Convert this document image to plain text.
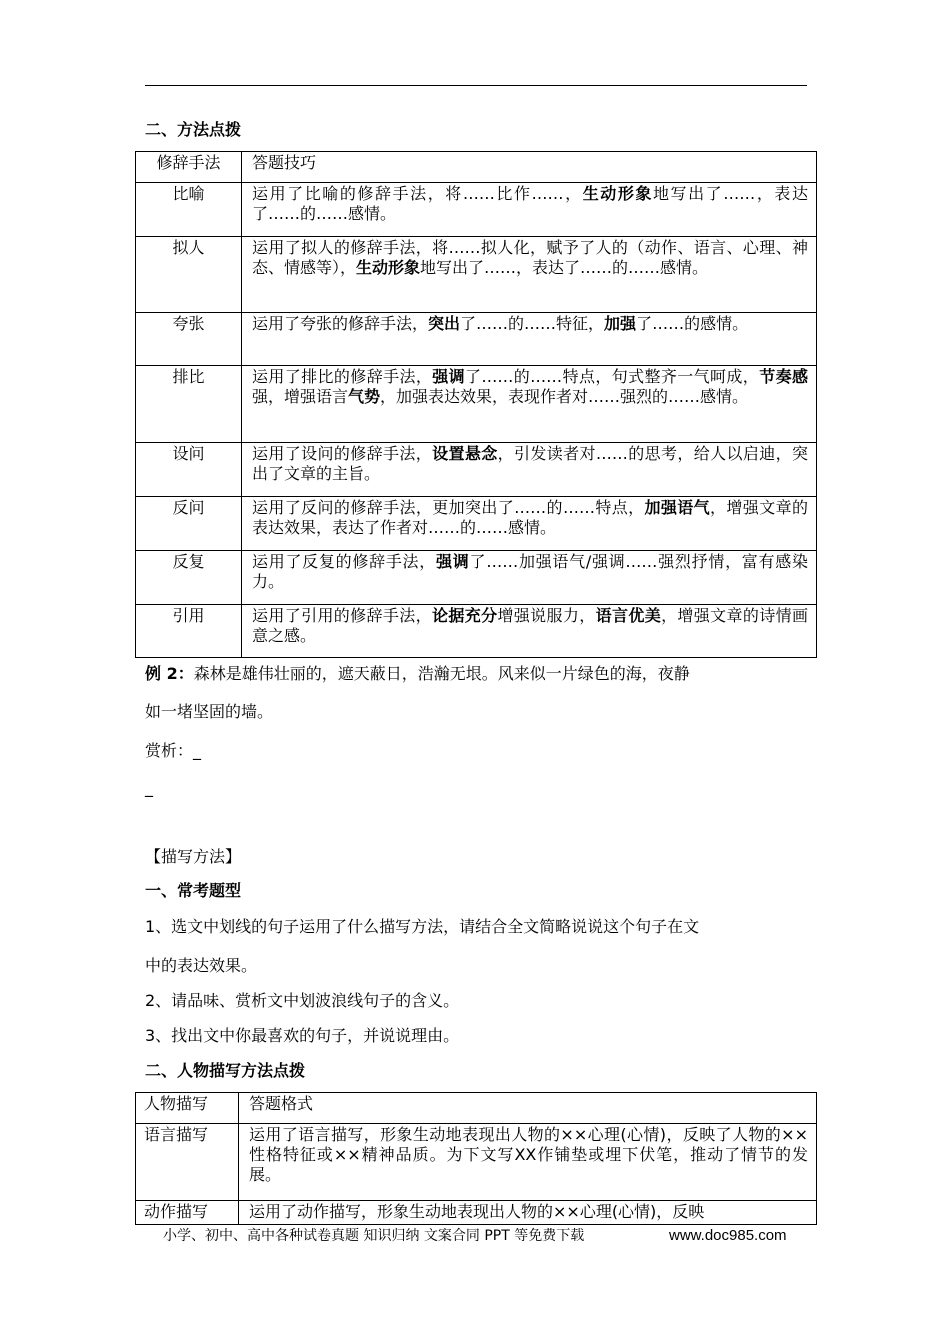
二、方法点拨
修辞手法	答题技巧
比喻	运用了比喻的修辞手法，将……比作……，生动形象地写出了……，表达了……的……感情。
拟人	运用了拟人的修辞手法，将……拟人化，赋予了人的（动作、语言、心理、神态、情感等），生动形象地写出了……，表达了……的……感情。
夸张	运用了夸张的修辞手法，突出了……的……特征，加强了……的感情。
排比	运用了排比的修辞手法，强调了……的……特点，句式整齐一气呵成，节奏感强，增强语言气势，加强表达效果，表现作者对……强烈的……感情。
设问	运用了设问的修辞手法，设置悬念，引发读者对……的思考，给人以启迪，突出了文章的主旨。
反问	运用了反问的修辞手法，更加突出了……的……特点，加强语气，增强文章的表达效果，表达了作者对……的……感情。
反复	运用了反复的修辞手法，强调了……加强语气/强调……强烈抒情，富有感染力。
引用	运用了引用的修辞手法，论据充分增强说服力，语言优美，增强文章的诗情画意之感。
例 2：森林是雄伟壮丽的，遮天蔽日，浩瀚无垠。风来似一片绿色的海，夜静
如一堵坚固的墙。
赏析：_
_
【描写方法】
一、常考题型
1、选文中划线的句子运用了什么描写方法，请结合全文简略说说这个句子在文
中的表达效果。
2、请品味、赏析文中划波浪线句子的含义。
3、找出文中你最喜欢的句子，并说说理由。
二、人物描写方法点拨
人物描写	答题格式
语言描写	运用了语言描写，形象生动地表现出人物的××心理(心情)，反映了人物的××性格特征或××精神品质。为下文写XX作铺垫或埋下伏笔，推动了情节的发展。
动作描写	运用了动作描写，形象生动地表现出人物的××心理(心情)，反映
小学、初中、高中各种试卷真题 知识归纳 文案合同 PPT 等免费下载	www.doc985.com
